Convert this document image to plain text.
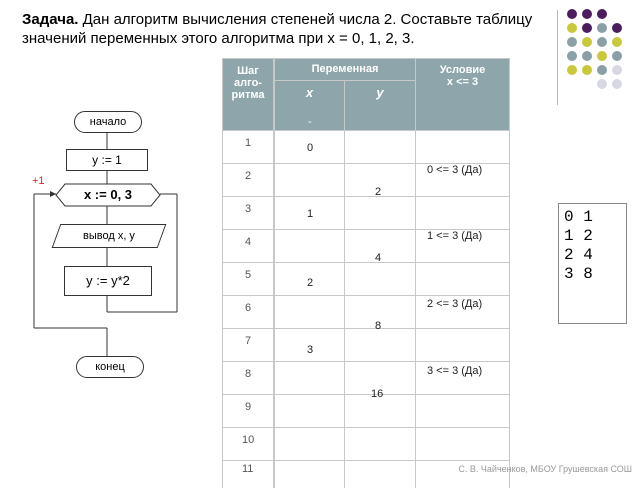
Задача. Дан алгоритм вычисления степеней числа 2. Составьте таблицу значений переменных этого алгоритма при x = 0, 1, 2, 3.
начало
y := 1
+1
x := 0, 3
вывод x, y
y := y*2
конец
Шаг алго-ритма
Переменная
x	y
Условие
x <= 3
-
1
2
3
4
5
6
7
8
9
10
11
0
1
2
3
2
4
8
16
0 <= 3 (Да)
1 <= 3 (Да)
2 <= 3 (Да)
3 <= 3 (Да)
0 1
1 2
2 4
3 8
С. В. Чайченков, МБОУ Грушевская СОШ
